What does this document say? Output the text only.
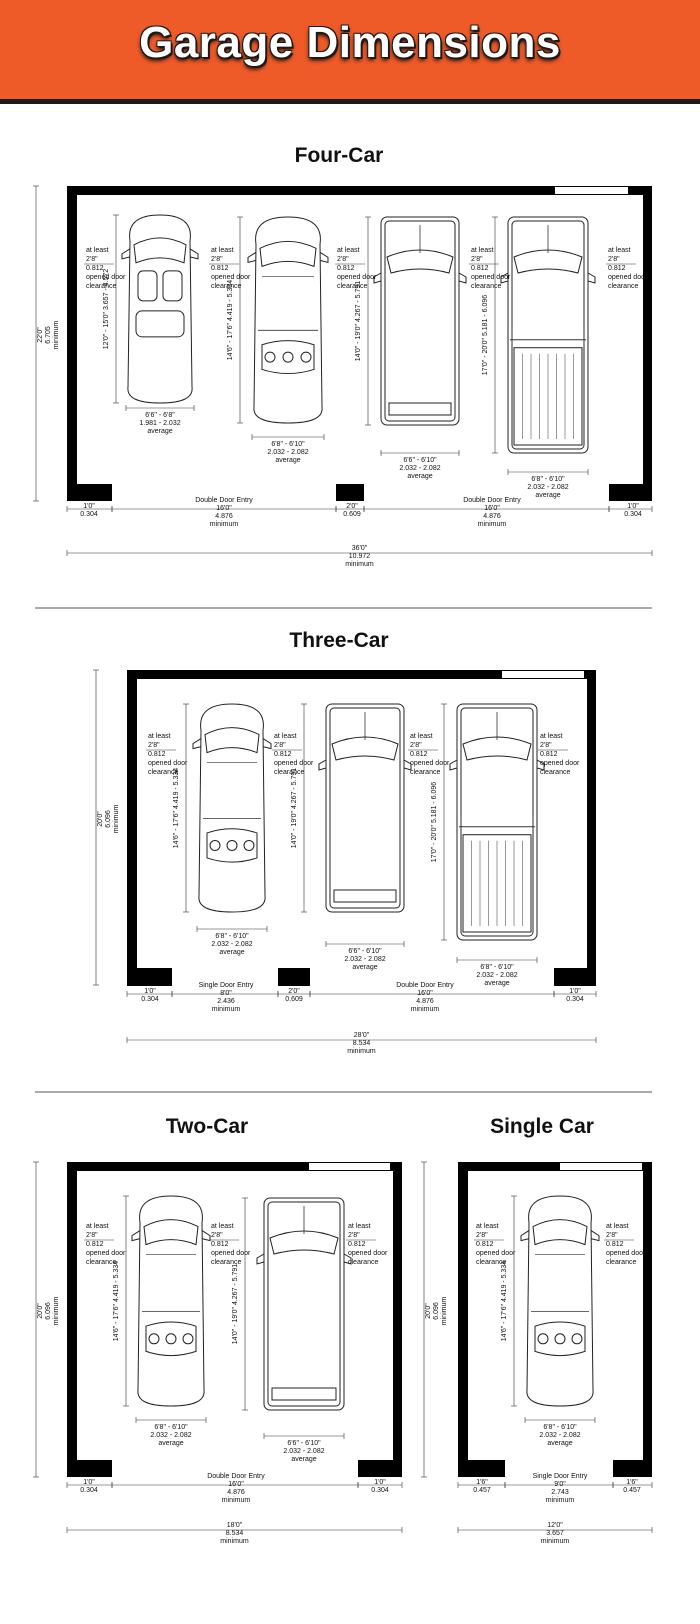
Garage Dimensions
Four-Car
22'0" 6.705 minimum	12'0" - 15'0" 3.657 - 4.572
6'6" - 6'8"
1.981 - 2.032
average
14'6" - 17'6" 4.419 - 5.334
6'8" - 6'10"
2.032 - 2.082
average
14'0" - 19'0" 4.267 - 5.791
6'6" - 6'10"
2.032 - 2.082
average
17'0" - 20'0" 5.181 - 6.096
6'8" - 6'10"
2.032 - 2.082
average
at least
2'8"
0.812
opened door
clearance
at least
2'8"
0.812
opened door
clearance
at least
2'8"
0.812
opened door
clearance
at least
2'8"
0.812
opened door
clearance
at least
2'8"
0.812
opened door
clearance
1'0"
0.304
Double Door Entry
16'0"
4.876
minimum
2'0"
0.609
Double Door Entry
16'0"
4.876
minimum
1'0"
0.304
36'0"
10.972
minimum
Three-Car
20'0" 6.096 minimum	14'6" - 17'6" 4.419 - 5.334
6'8" - 6'10"
2.032 - 2.082
average
14'0" - 19'0" 4.267 - 5.791
6'6" - 6'10"
2.032 - 2.082
average
17'0" - 20'0" 5.181 - 6.096
6'8" - 6'10"
2.032 - 2.082
average
at least
2'8"
0.812
opened door
clearance
at least
2'8"
0.812
opened door
clearance
at least
2'8"
0.812
opened door
clearance
at least
2'8"
0.812
opened door
clearance
1'0"
0.304
Single Door Entry
8'0"
2.436
minimum
2'0"
0.609
Double Door Entry
16'0"
4.876
minimum
1'0"
0.304
28'0"
8.534
minimum
Two-Car
20'0" 6.096 minimum	14'6" - 17'6" 4.419 - 5.334
6'8" - 6'10"
2.032 - 2.082
average
14'0" - 19'0" 4.267 - 5.791
6'6" - 6'10"
2.032 - 2.082
average
at least
2'8"
0.812
opened door
clearance
at least
2'8"
0.812
opened door
clearance
at least
2'8"
0.812
opened door
clearance
1'0"
0.304
Double Door Entry
16'0"
4.876
minimum
1'0"
0.304
18'0"
8.534
minimum
Single Car
20'0" 6.096 minimum	14'6" - 17'6" 4.419 - 5.334
6'8" - 6'10"
2.032 - 2.082
average
at least
2'8"
0.812
opened door
clearance
at least
2'8"
0.812
opened door
clearance
1'6"
0.457
Single Door Entry
9'0"
2.743
minimum
1'6"
0.457
12'0"
3.657
minimum
